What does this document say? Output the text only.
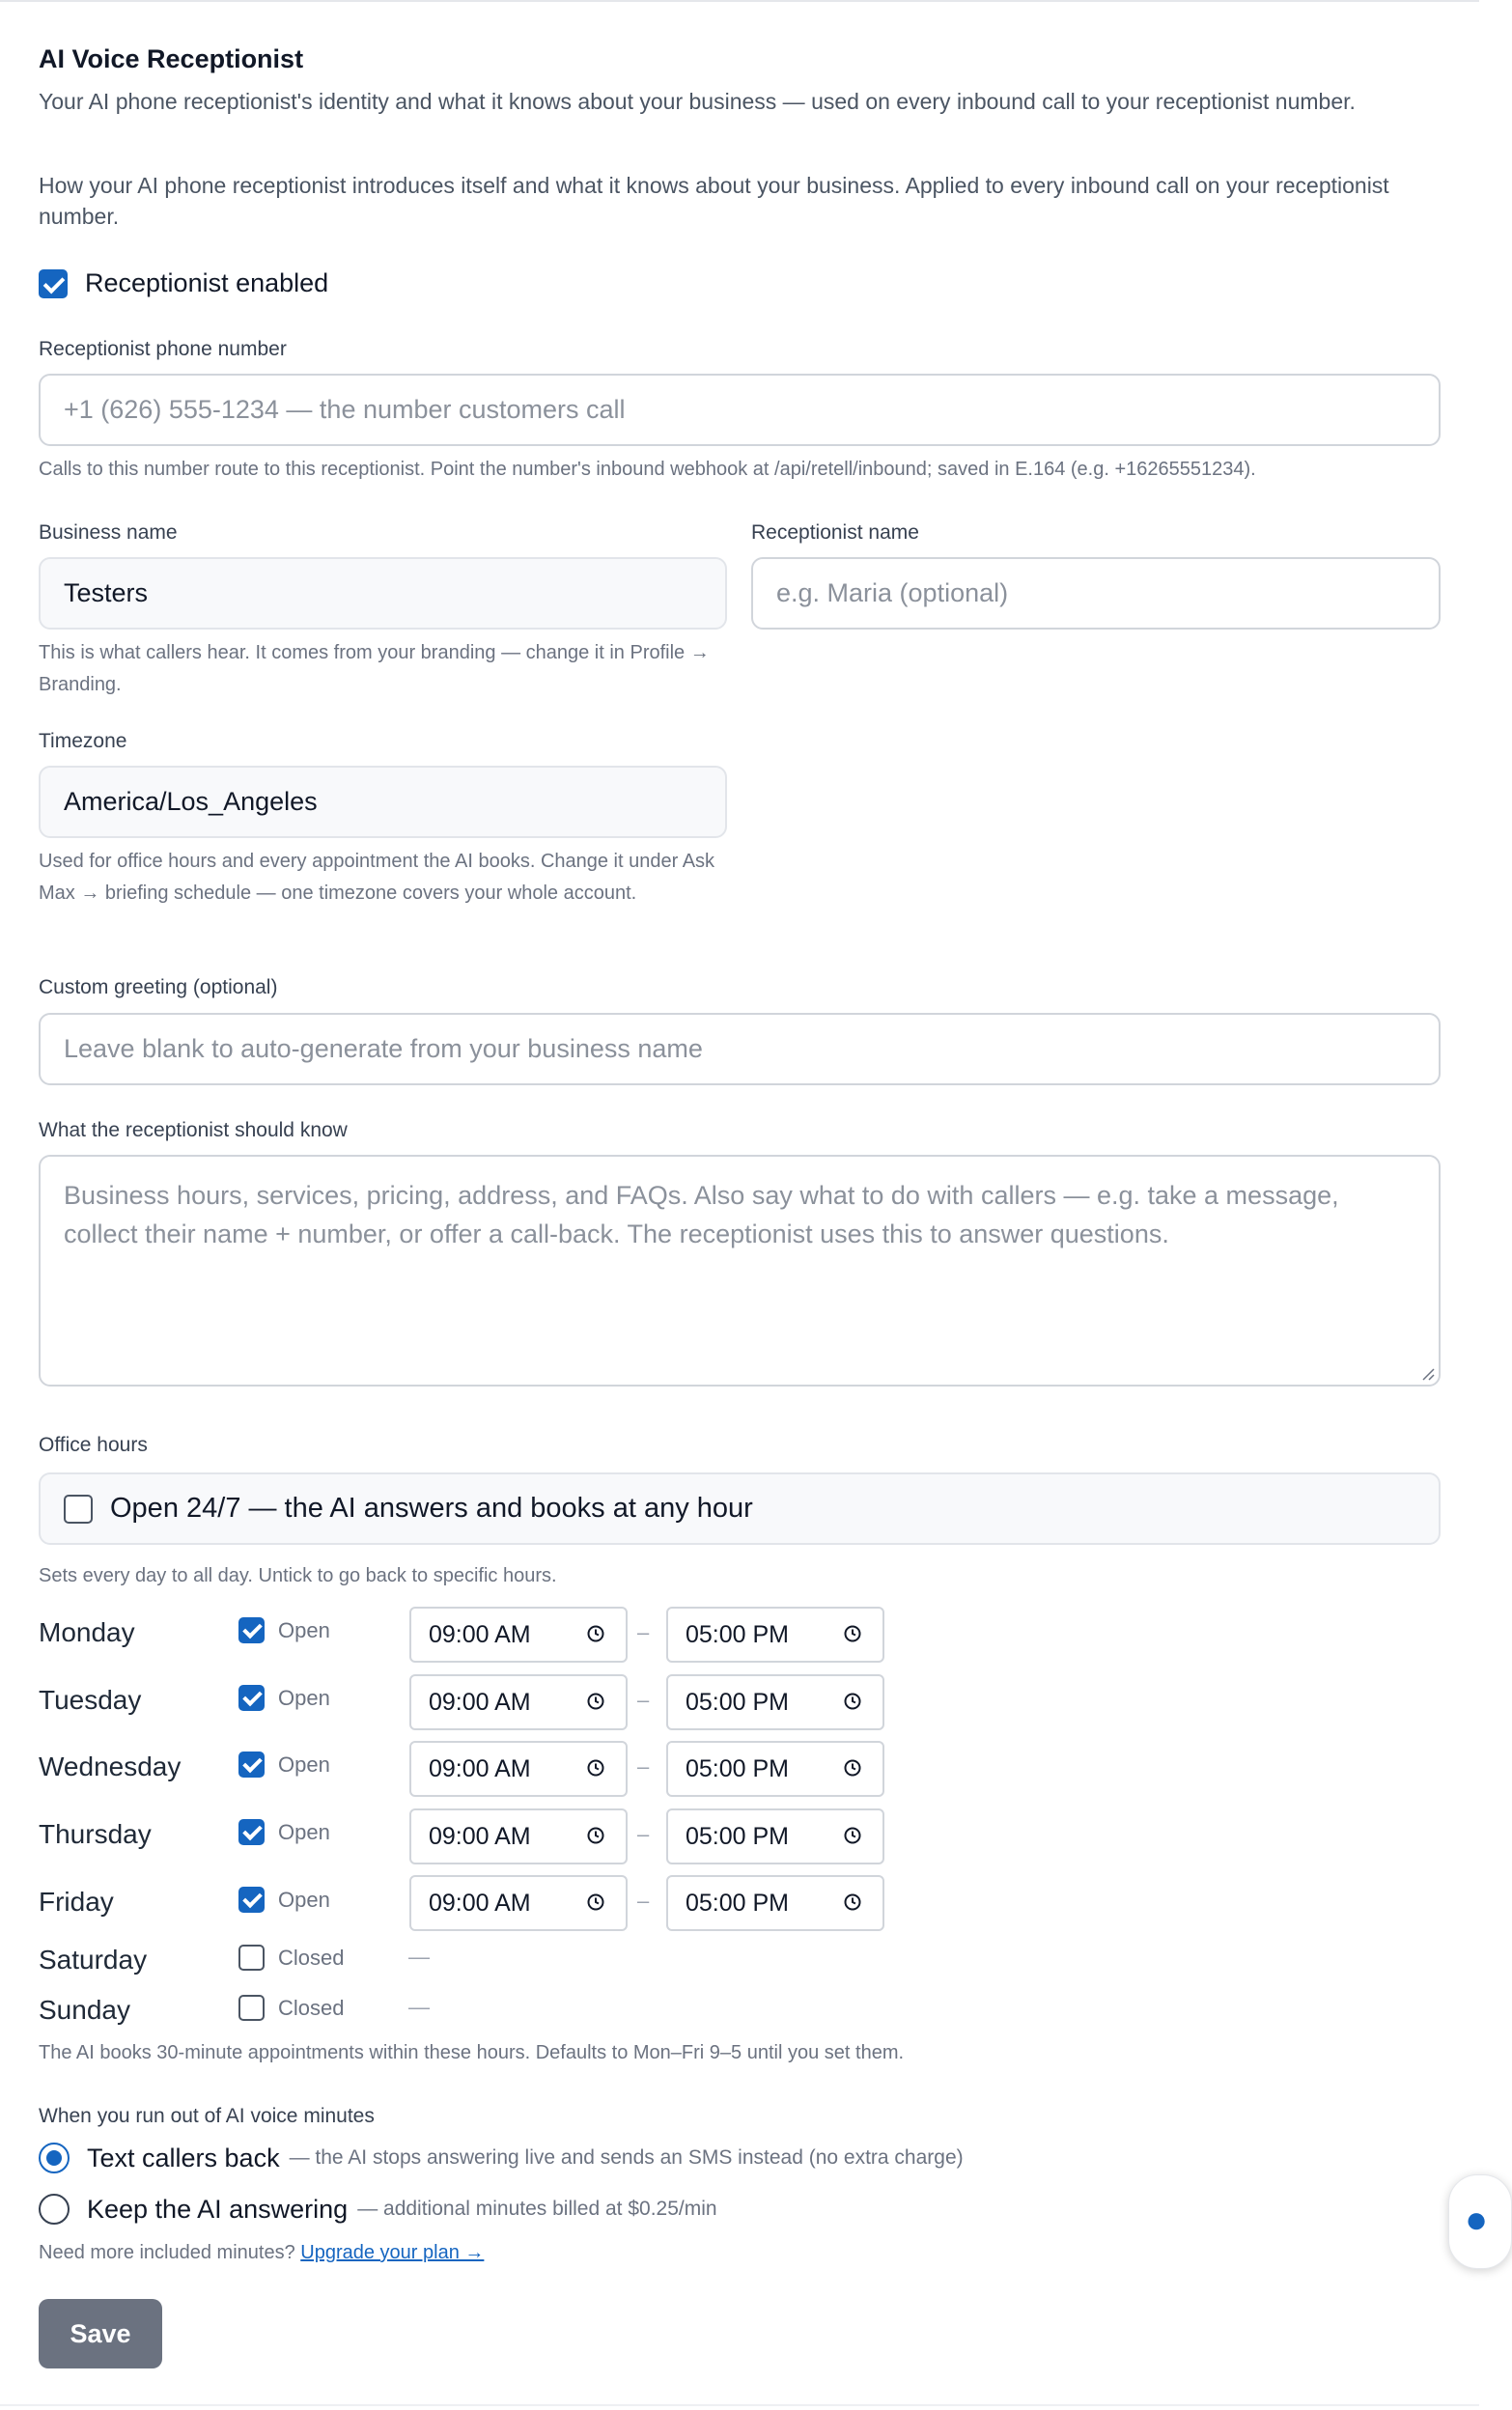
AI Voice Receptionist
Your AI phone receptionist's identity and what it knows about your business — used on every inbound call to your receptionist number.
How your AI phone receptionist introduces itself and what it knows about your business. Applied to every inbound call on your receptionist number.
Receptionist enabled
Receptionist phone number
+1 (626) 555-1234 — the number customers call
Calls to this number route to this receptionist. Point the number's inbound webhook at /api/retell/inbound; saved in E.164 (e.g. +16265551234).
Business name
Testers
This is what callers hear. It comes from your branding — change it in Profile → Branding.
Receptionist name
e.g. Maria (optional)
Timezone
America/Los_Angeles
Used for office hours and every appointment the AI books. Change it under Ask Max → briefing schedule — one timezone covers your whole account.
Custom greeting (optional)
Leave blank to auto-generate from your business name
What the receptionist should know
Business hours, services, pricing, address, and FAQs. Also say what to do with callers — e.g. take a message, collect their name + number, or offer a call-back. The receptionist uses this to answer questions.
Office hours
Open 24/7 — the AI answers and books at any hour
Sets every day to all day. Untick to go back to specific hours.
Monday	Open	09:00 AM	– 05:00 PM
Tuesday	Open	09:00 AM	– 05:00 PM
Wednesday	Open	09:00 AM	– 05:00 PM
Thursday	Open	09:00 AM	– 05:00 PM
Friday	Open	09:00 AM	– 05:00 PM
Saturday	Closed	—
Sunday	Closed	—
The AI books 30-minute appointments within these hours. Defaults to Mon–Fri 9–5 until you set them.
When you run out of AI voice minutes
Text callers back — the AI stops answering live and sends an SMS instead (no extra charge)
Keep the AI answering — additional minutes billed at $0.25/min
Need more included minutes? Upgrade your plan →
Save
●
